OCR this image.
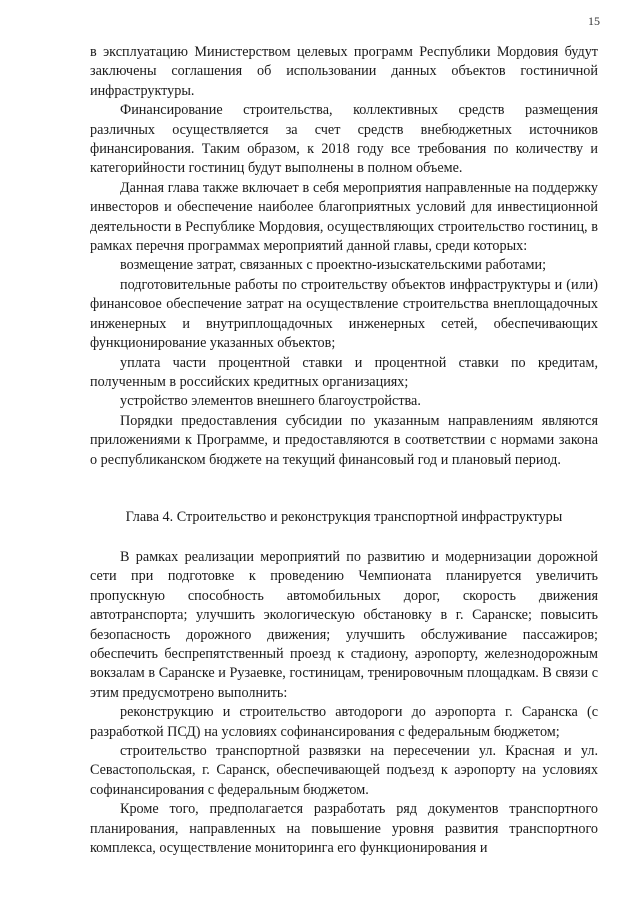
15

в эксплуатацию Министерством целевых программ Республики Мордовия будут заключены соглашения об использовании данных объектов гостиничной инфраструктуры.

Финансирование строительства, коллективных средств размещения различных осуществляется за счет средств внебюджетных источников финансирования. Таким образом, к 2018 году все требования по количеству и категорийности гостиниц будут выполнены в полном объеме.

Данная глава также включает в себя мероприятия направленные на поддержку инвесторов и обеспечение наиболее благоприятных условий для инвестиционной деятельности в Республике Мордовия, осуществляющих строительство гостиниц, в рамках перечня программах мероприятий данной главы, среди которых:

возмещение затрат, связанных с проектно-изыскательскими работами;

подготовительные работы по строительству объектов инфраструктуры и (или) финансовое обеспечение затрат на осуществление строительства внеплощадочных инженерных и внутриплощадочных инженерных сетей, обеспечивающих функционирование указанных объектов;

уплата части процентной ставки и процентной ставки по кредитам, полученным в российских кредитных организациях;

устройство элементов внешнего благоустройства.

Порядки предоставления субсидии по указанным направлениям являются приложениями к Программе, и предоставляются в соответствии с нормами закона о республиканском бюджете на текущий финансовый год и плановый период.

Глава 4. Строительство и реконструкция транспортной инфраструктуры

В рамках реализации мероприятий по развитию и модернизации дорожной сети при подготовке к проведению Чемпионата планируется увеличить пропускную способность автомобильных дорог, скорость движения автотранспорта; улучшить экологическую обстановку в г. Саранске; повысить безопасность дорожного движения; улучшить обслуживание пассажиров; обеспечить беспрепятственный проезд к стадиону, аэропорту, железнодорожным вокзалам в Саранске и Рузаевке, гостиницам, тренировочным площадкам. В связи с этим предусмотрено выполнить:

реконструкцию и строительство автодороги до аэропорта г. Саранска (с разработкой ПСД) на условиях софинансирования с федеральным бюджетом;

строительство транспортной развязки на пересечении ул. Красная и ул. Севастопольская, г. Саранск, обеспечивающей подъезд к аэропорту на условиях софинансирования с федеральным бюджетом.

Кроме того, предполагается разработать ряд документов транспортного планирования, направленных на повышение уровня развития транспортного комплекса, осуществление мониторинга его функционирования и
